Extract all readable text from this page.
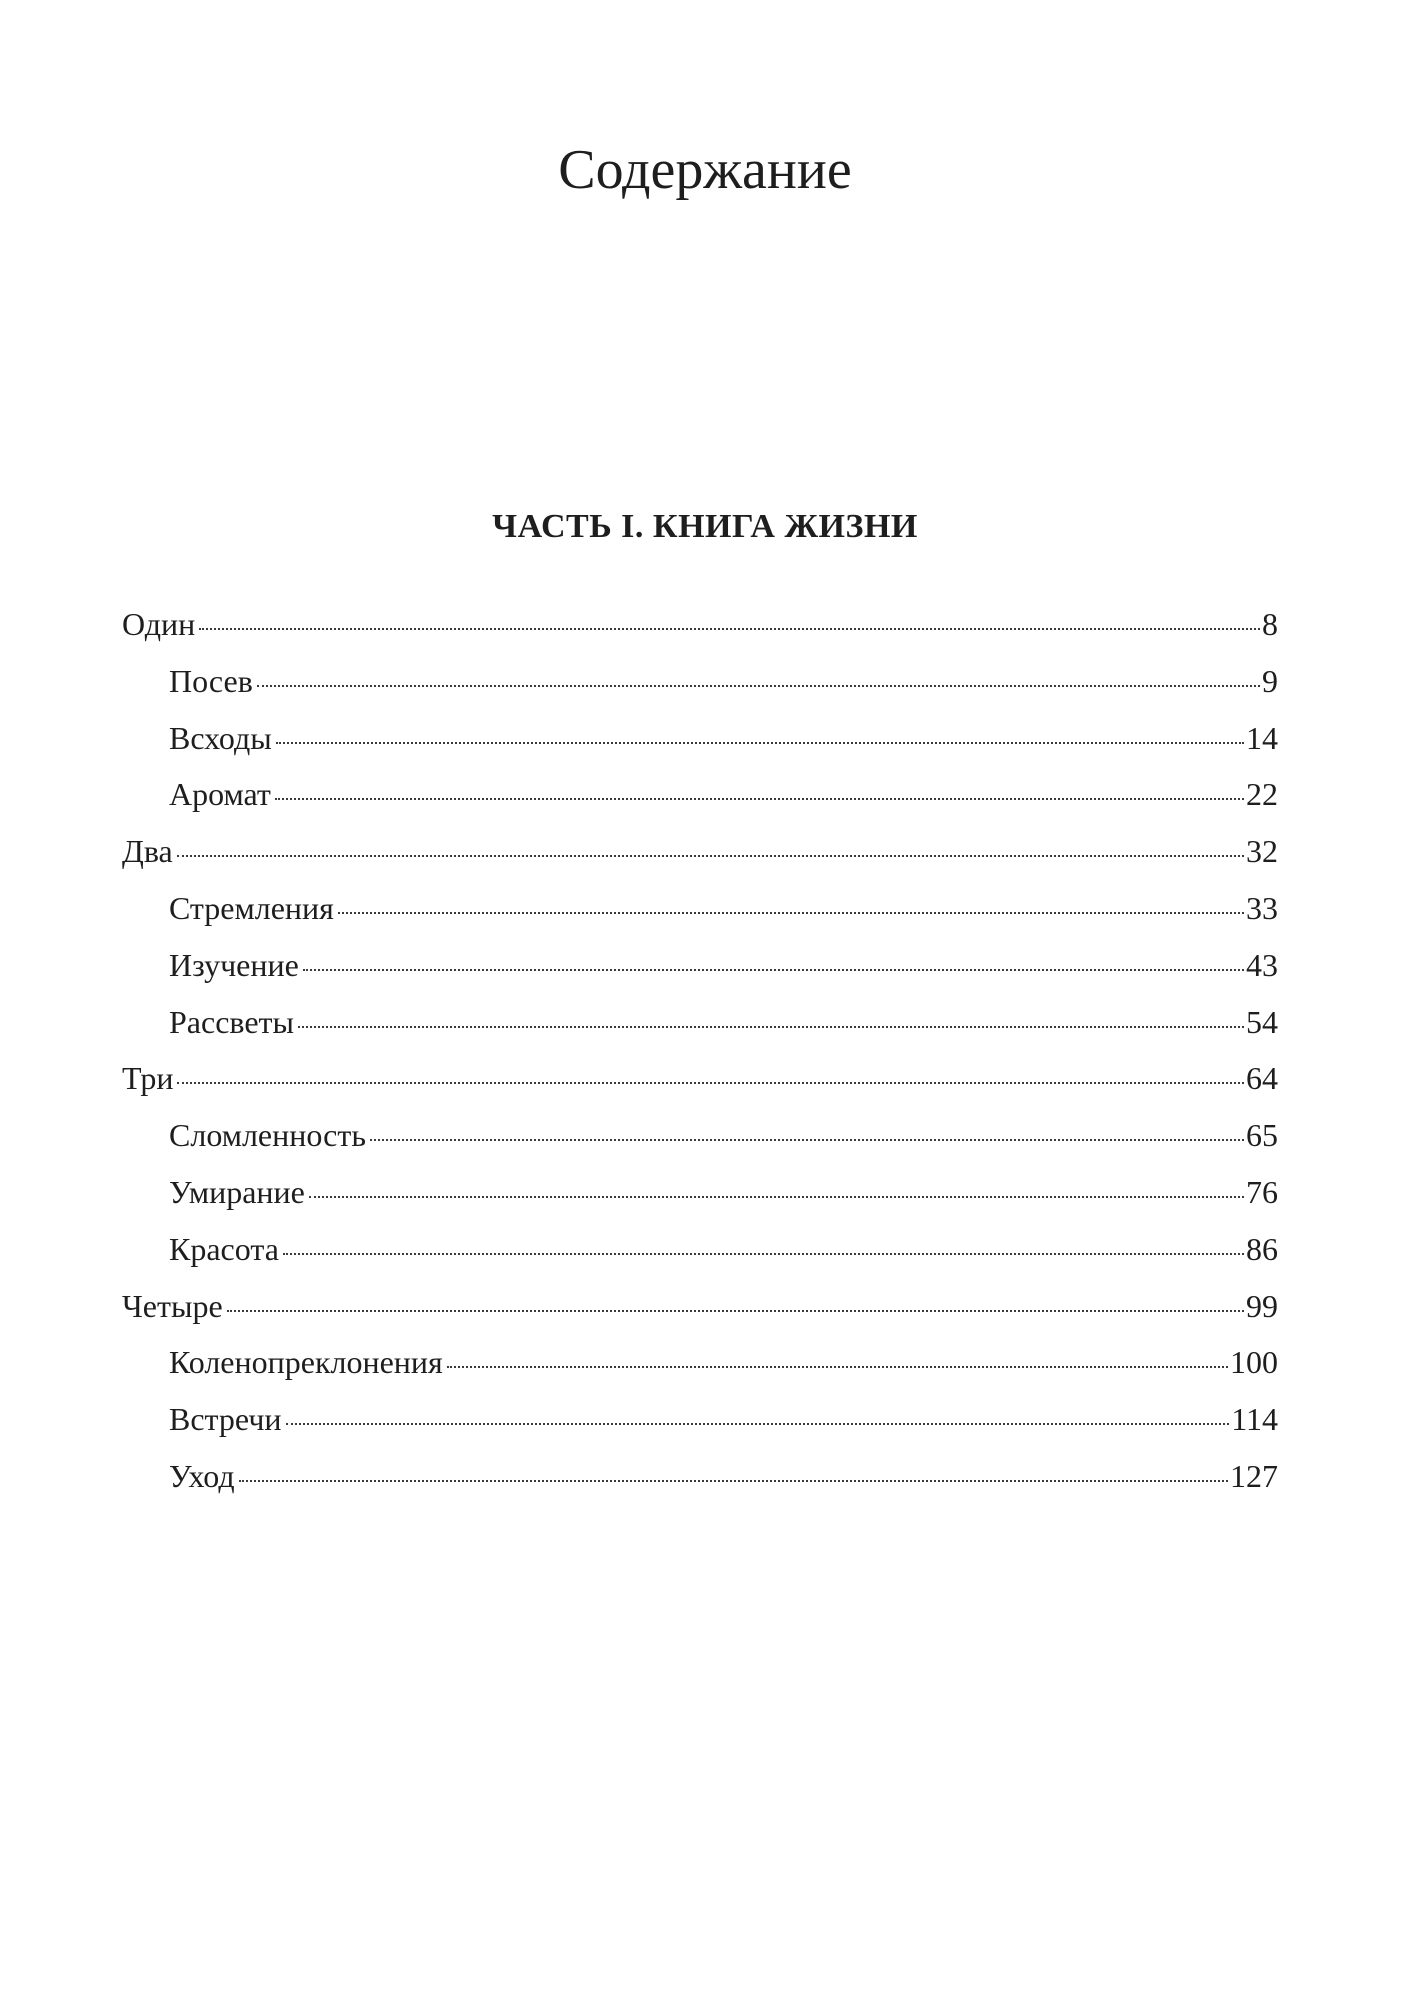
Содержание
ЧАСТЬ I. КНИГА ЖИЗНИ
Один	8
Посев	9
Всходы	14
Аромат	22
Два	32
Стремления	33
Изучение	43
Рассветы	54
Три	64
Сломленность	65
Умирание	76
Красота	86
Четыре	99
Коленопреклонения	100
Встречи	114
Уход	127
